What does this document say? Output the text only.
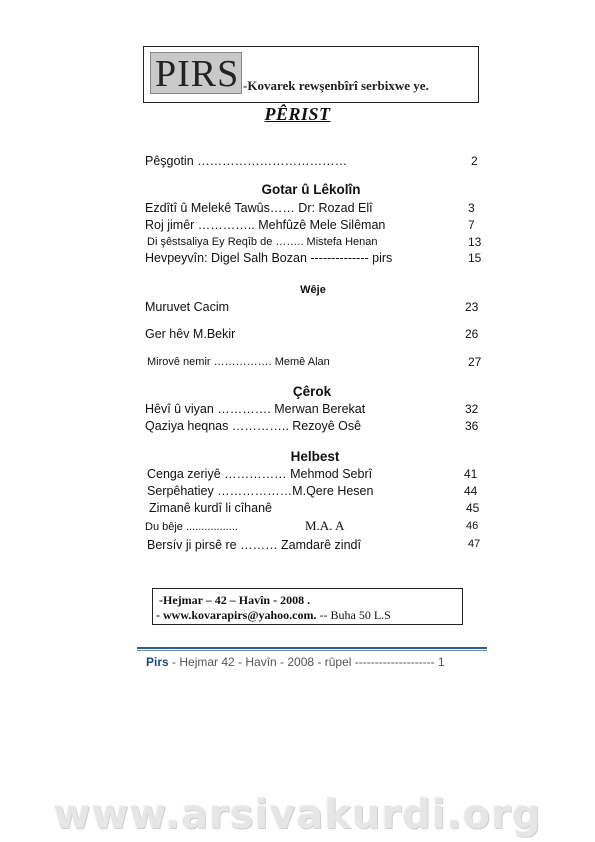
PIRS -Kovarek rewşenbîrî serbixwe ye.
PÊRIST
Pêşgotin ………………………………	2
Gotar û Lêkolîn
Ezdîtî û Melekê Tawûs…… Dr: Rozad Elî	3
Roj jimêr ………….. Mehfûzê Mele Silêman	7
Di şêstsaliya Ey Reqîb de …….. Mistefa Henan	13
Hevpeyvîn: Digel Salh Bozan -------------- pirs	15
Wêje
Muruvet Cacim	23
Ger hêv M.Bekir	26
Mirovê nemir ……………. Memê Alan	27
Çêrok
Hêvî û viyan …………. Merwan Berekat	32
Qaziya heqnas ………….. Rezoyê Osê	36
Helbest
Cenga zeriyê …………… Mehmod Sebrî	41
Serpêhatiey ………………M.Qere Hesen	44
Zimanê kurdî li cîhanê	45
Du bêje .................	M.A. A	46
Bersív ji pirsê re ……… Zamdarê zindî	47
-Hejmar – 42 – Havîn - 2008 .
- www.kovarapirs@yahoo.com. -- Buha 50 L.S
Pirs - Hejmar 42 - Havîn - 2008 - rûpel -------------------- 1
www.arsivakurdi.org
